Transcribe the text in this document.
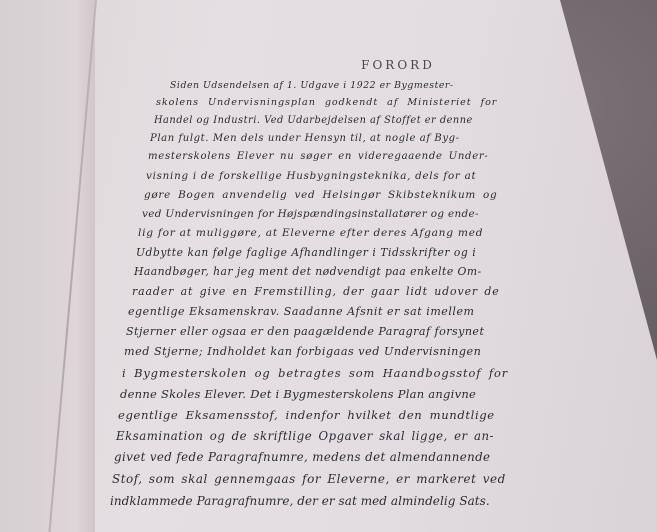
FORORD
Siden Udsendelsen af 1. Udgave i 1922 er Bygmester-
skolens Undervisningsplan godkendt af Ministeriet for
Handel og Industri. Ved Udarbejdelsen af Stoffet er denne
Plan fulgt. Men dels under Hensyn til, at nogle af Byg-
mesterskolens Elever nu søger en videregaaende Under-
visning i de forskellige Husbygningsteknika, dels for at
gøre Bogen anvendelig ved Helsingør Skibsteknikum og
ved Undervisningen for Højspændingsinstallatører og ende-
lig for at muliggøre, at Eleverne efter deres Afgang med
Udbytte kan følge faglige Afhandlinger i Tidsskrifter og i
Haandbøger, har jeg ment det nødvendigt paa enkelte Om-
raader at give en Fremstilling, der gaar lidt udover de
egentlige Eksamenskrav. Saadanne Afsnit er sat imellem
Stjerner eller ogsaa er den paagældende Paragraf forsynet
med Stjerne; Indholdet kan forbigaas ved Undervisningen
i Bygmesterskolen og betragtes som Haandbogsstof for
denne Skoles Elever. Det i Bygmesterskolens Plan angivne
egentlige Eksamensstof, indenfor hvilket den mundtlige
Eksamination og de skriftlige Opgaver skal ligge, er an-
givet ved fede Paragrafnumre, medens det almendannende
Stof, som skal gennemgaas for Eleverne, er markeret ved
indklammede Paragrafnumre, der er sat med almindelig Sats.
